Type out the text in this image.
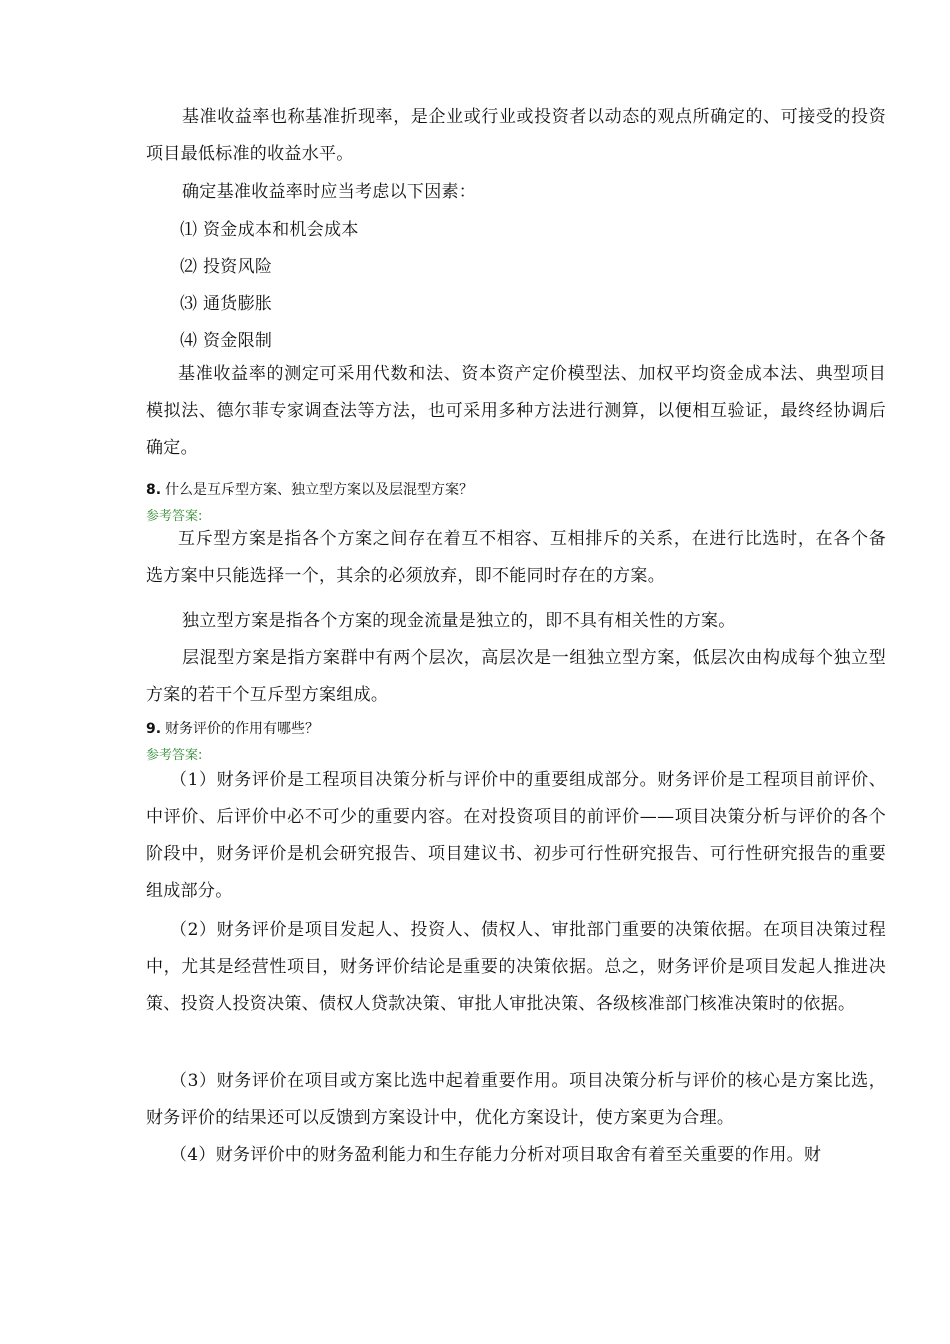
基准收益率也称基准折现率，是企业或行业或投资者以动态的观点所确定的、可接受的投资项目最低标准的收益水平。

确定基准收益率时应当考虑以下因素：

⑴ 资金成本和机会成本

⑵ 投资风险

⑶ 通货膨胀

⑷ 资金限制

基准收益率的测定可采用代数和法、资本资产定价模型法、加权平均资金成本法、典型项目模拟法、德尔菲专家调查法等方法，也可采用多种方法进行测算，以便相互验证，最终经协调后确定。

8. 什么是互斥型方案、独立型方案以及层混型方案？

参考答案:

互斥型方案是指各个方案之间存在着互不相容、互相排斥的关系，在进行比选时，在各个备选方案中只能选择一个，其余的必须放弃，即不能同时存在的方案。

独立型方案是指各个方案的现金流量是独立的，即不具有相关性的方案。

层混型方案是指方案群中有两个层次，高层次是一组独立型方案，低层次由构成每个独立型方案的若干个互斥型方案组成。

9. 财务评价的作用有哪些？

参考答案:

（1）财务评价是工程项目决策分析与评价中的重要组成部分。财务评价是工程项目前评价、中评价、后评价中必不可少的重要内容。在对投资项目的前评价——项目决策分析与评价的各个阶段中，财务评价是机会研究报告、项目建议书、初步可行性研究报告、可行性研究报告的重要组成部分。

（2）财务评价是项目发起人、投资人、债权人、审批部门重要的决策依据。在项目决策过程中，尤其是经营性项目，财务评价结论是重要的决策依据。总之，财务评价是项目发起人推进决策、投资人投资决策、债权人贷款决策、审批人审批决策、各级核准部门核准决策时的依据。

（3）财务评价在项目或方案比选中起着重要作用。项目决策分析与评价的核心是方案比选，财务评价的结果还可以反馈到方案设计中，优化方案设计，使方案更为合理。

（4）财务评价中的财务盈利能力和生存能力分析对项目取舍有着至关重要的作用。财
